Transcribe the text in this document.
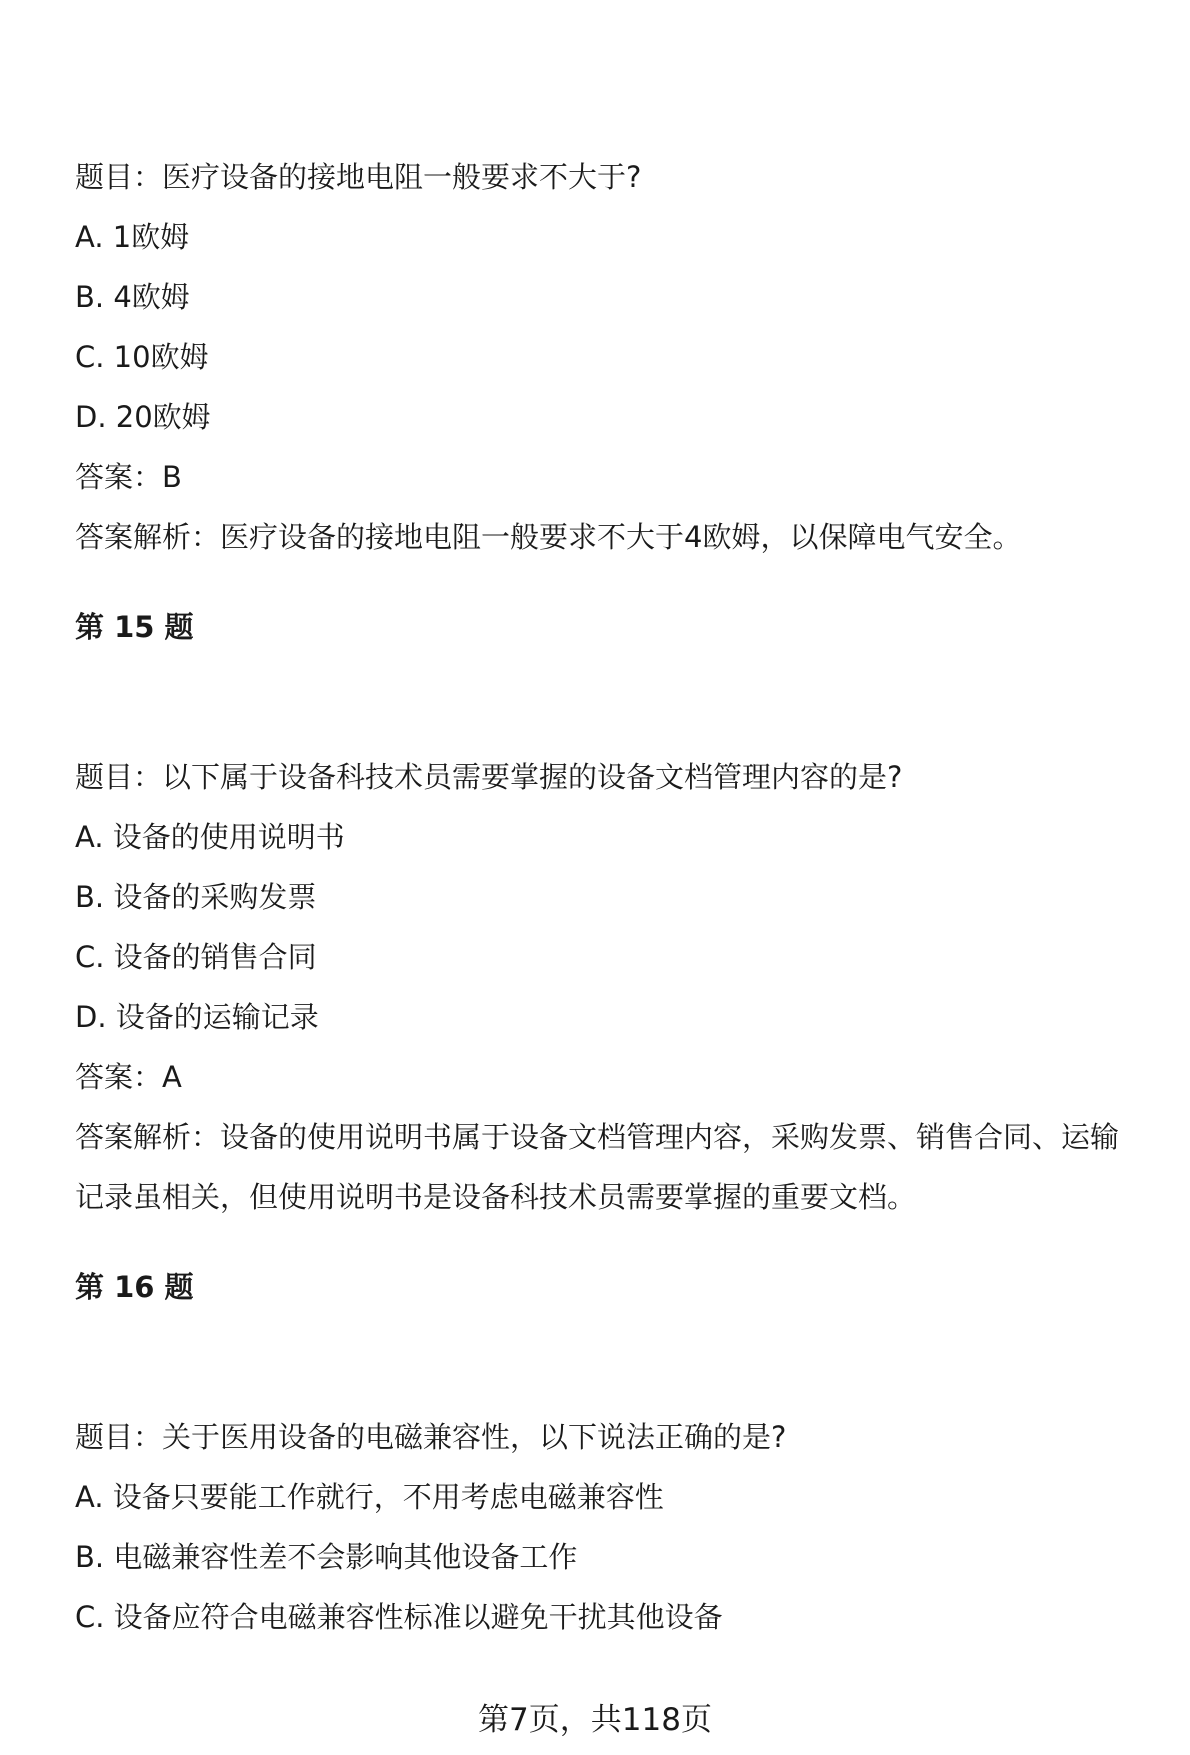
题目：医疗设备的接地电阻一般要求不大于?
A. 1欧姆
B. 4欧姆
C. 10欧姆
D. 20欧姆
答案：B
答案解析：医疗设备的接地电阻一般要求不大于4欧姆，以保障电气安全。
第 15 题
题目：以下属于设备科技术员需要掌握的设备文档管理内容的是?
A. 设备的使用说明书
B. 设备的采购发票
C. 设备的销售合同
D. 设备的运输记录
答案：A
答案解析：设备的使用说明书属于设备文档管理内容，采购发票、销售合同、运输
记录虽相关，但使用说明书是设备科技术员需要掌握的重要文档。
第 16 题
题目：关于医用设备的电磁兼容性，以下说法正确的是?
A. 设备只要能工作就行，不用考虑电磁兼容性
B. 电磁兼容性差不会影响其他设备工作
C. 设备应符合电磁兼容性标准以避免干扰其他设备
第7页，共118页
